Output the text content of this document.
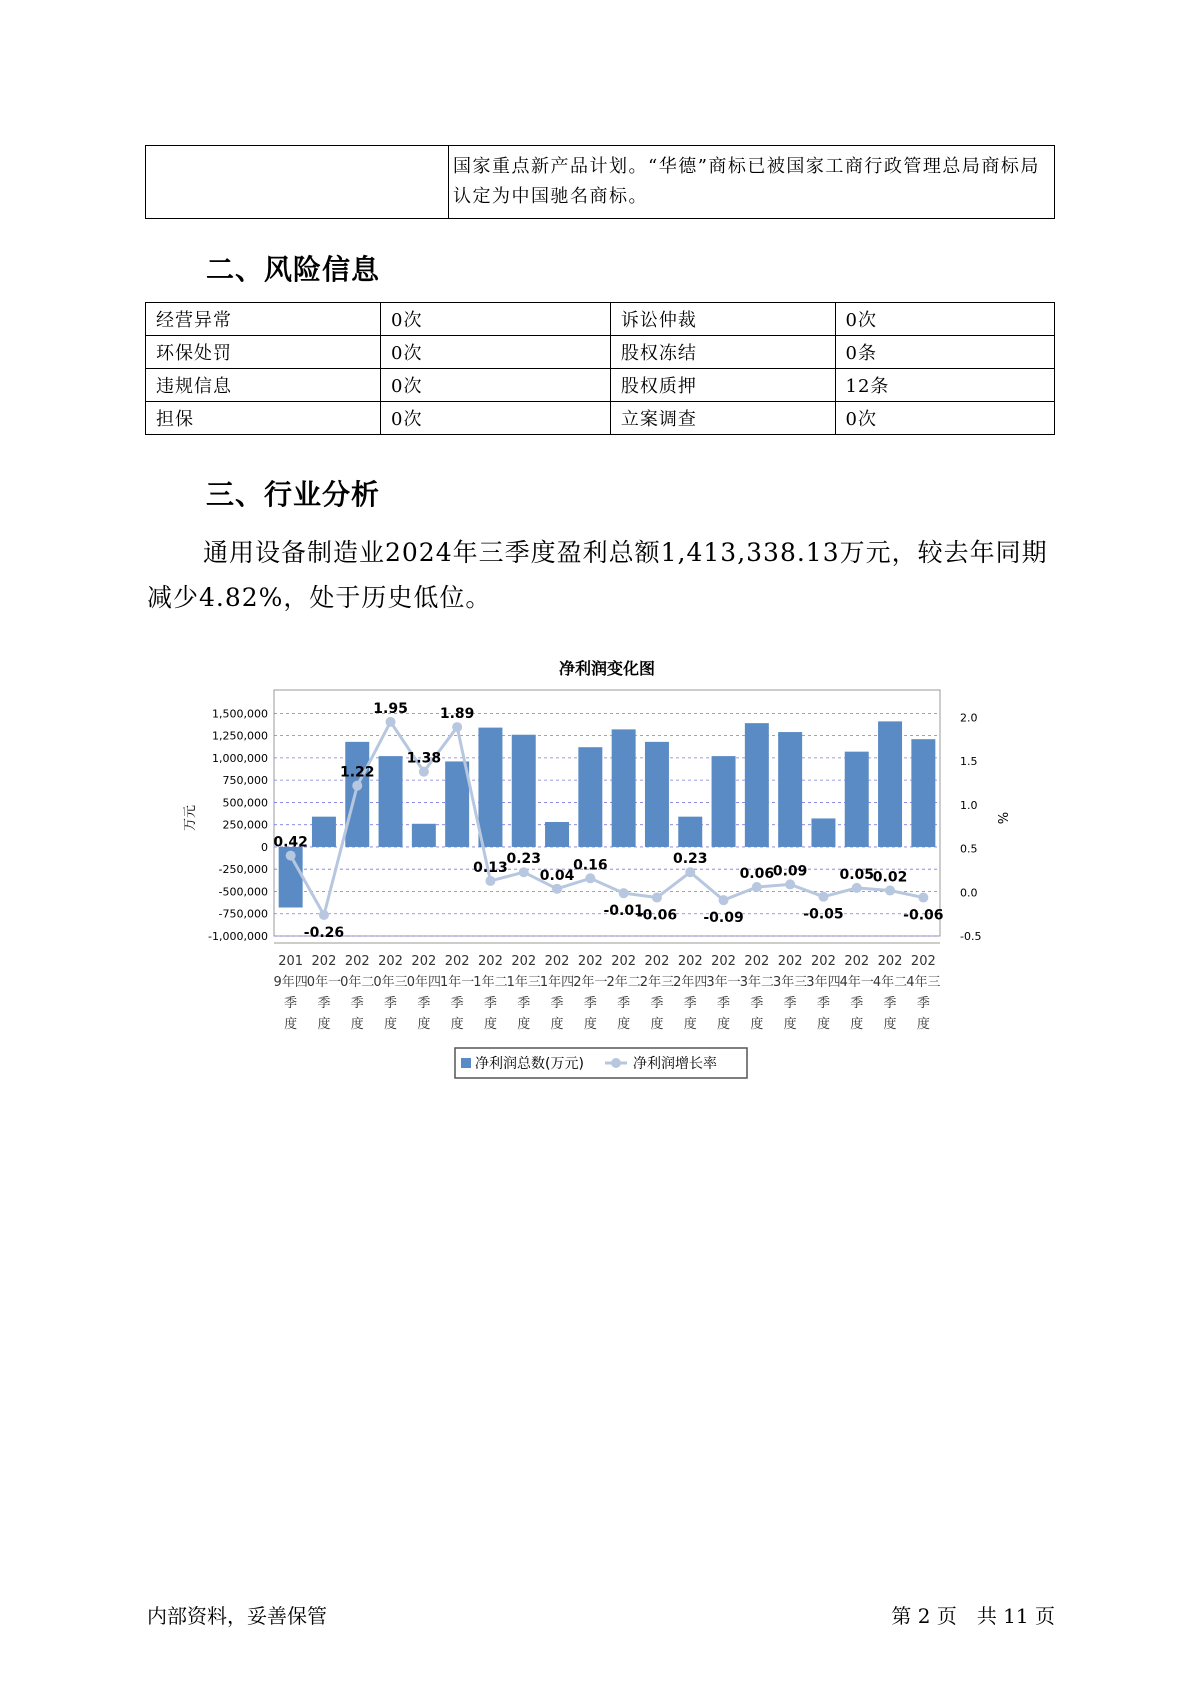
	国家重点新产品计划。“华德”商标已被国家工商行政管理总局商标局认定为中国驰名商标。
二、风险信息
经营异常	0次	诉讼仲裁	0次
环保处罚	0次	股权冻结	0条
违规信息	0次	股权质押	12条
担保	0次	立案调查	0次
三、行业分析
通用设备制造业2024年三季度盈利总额1,413,338.13万元，较去年同期减少4.82%，处于历史低位。
净利润变化图
1,500,000
1,250,000
1,000,000
750,000
500,000
250,000
0
-250,000
-500,000
-750,000
-1,000,000
2.0
1.5
1.0
0.5
0.0
-0.5
万元	%
0.42
-0.26
1.22
1.95
1.38
1.89
0.13
0.23
0.04
0.16
-0.01
-0.06
0.23
-0.09
0.06
0.09
-0.05
0.05
0.02
-0.06
201 9年四季度
202 0年一季度
202 0年二季度
202 0年三季度
202 0年四季度
202 1年一季度
202 1年二季度
202 1年三季度
202 1年四季度
202 2年一季度
202 2年二季度
202 2年三季度
202 2年四季度
202 3年一季度
202 3年二季度
202 3年三季度
202 3年四季度
202 4年一季度
202 4年二季度
202 4年三季度
净利润总数(万元)	净利润增长率
内部资料，妥善保管	第 2 页　共 11 页
